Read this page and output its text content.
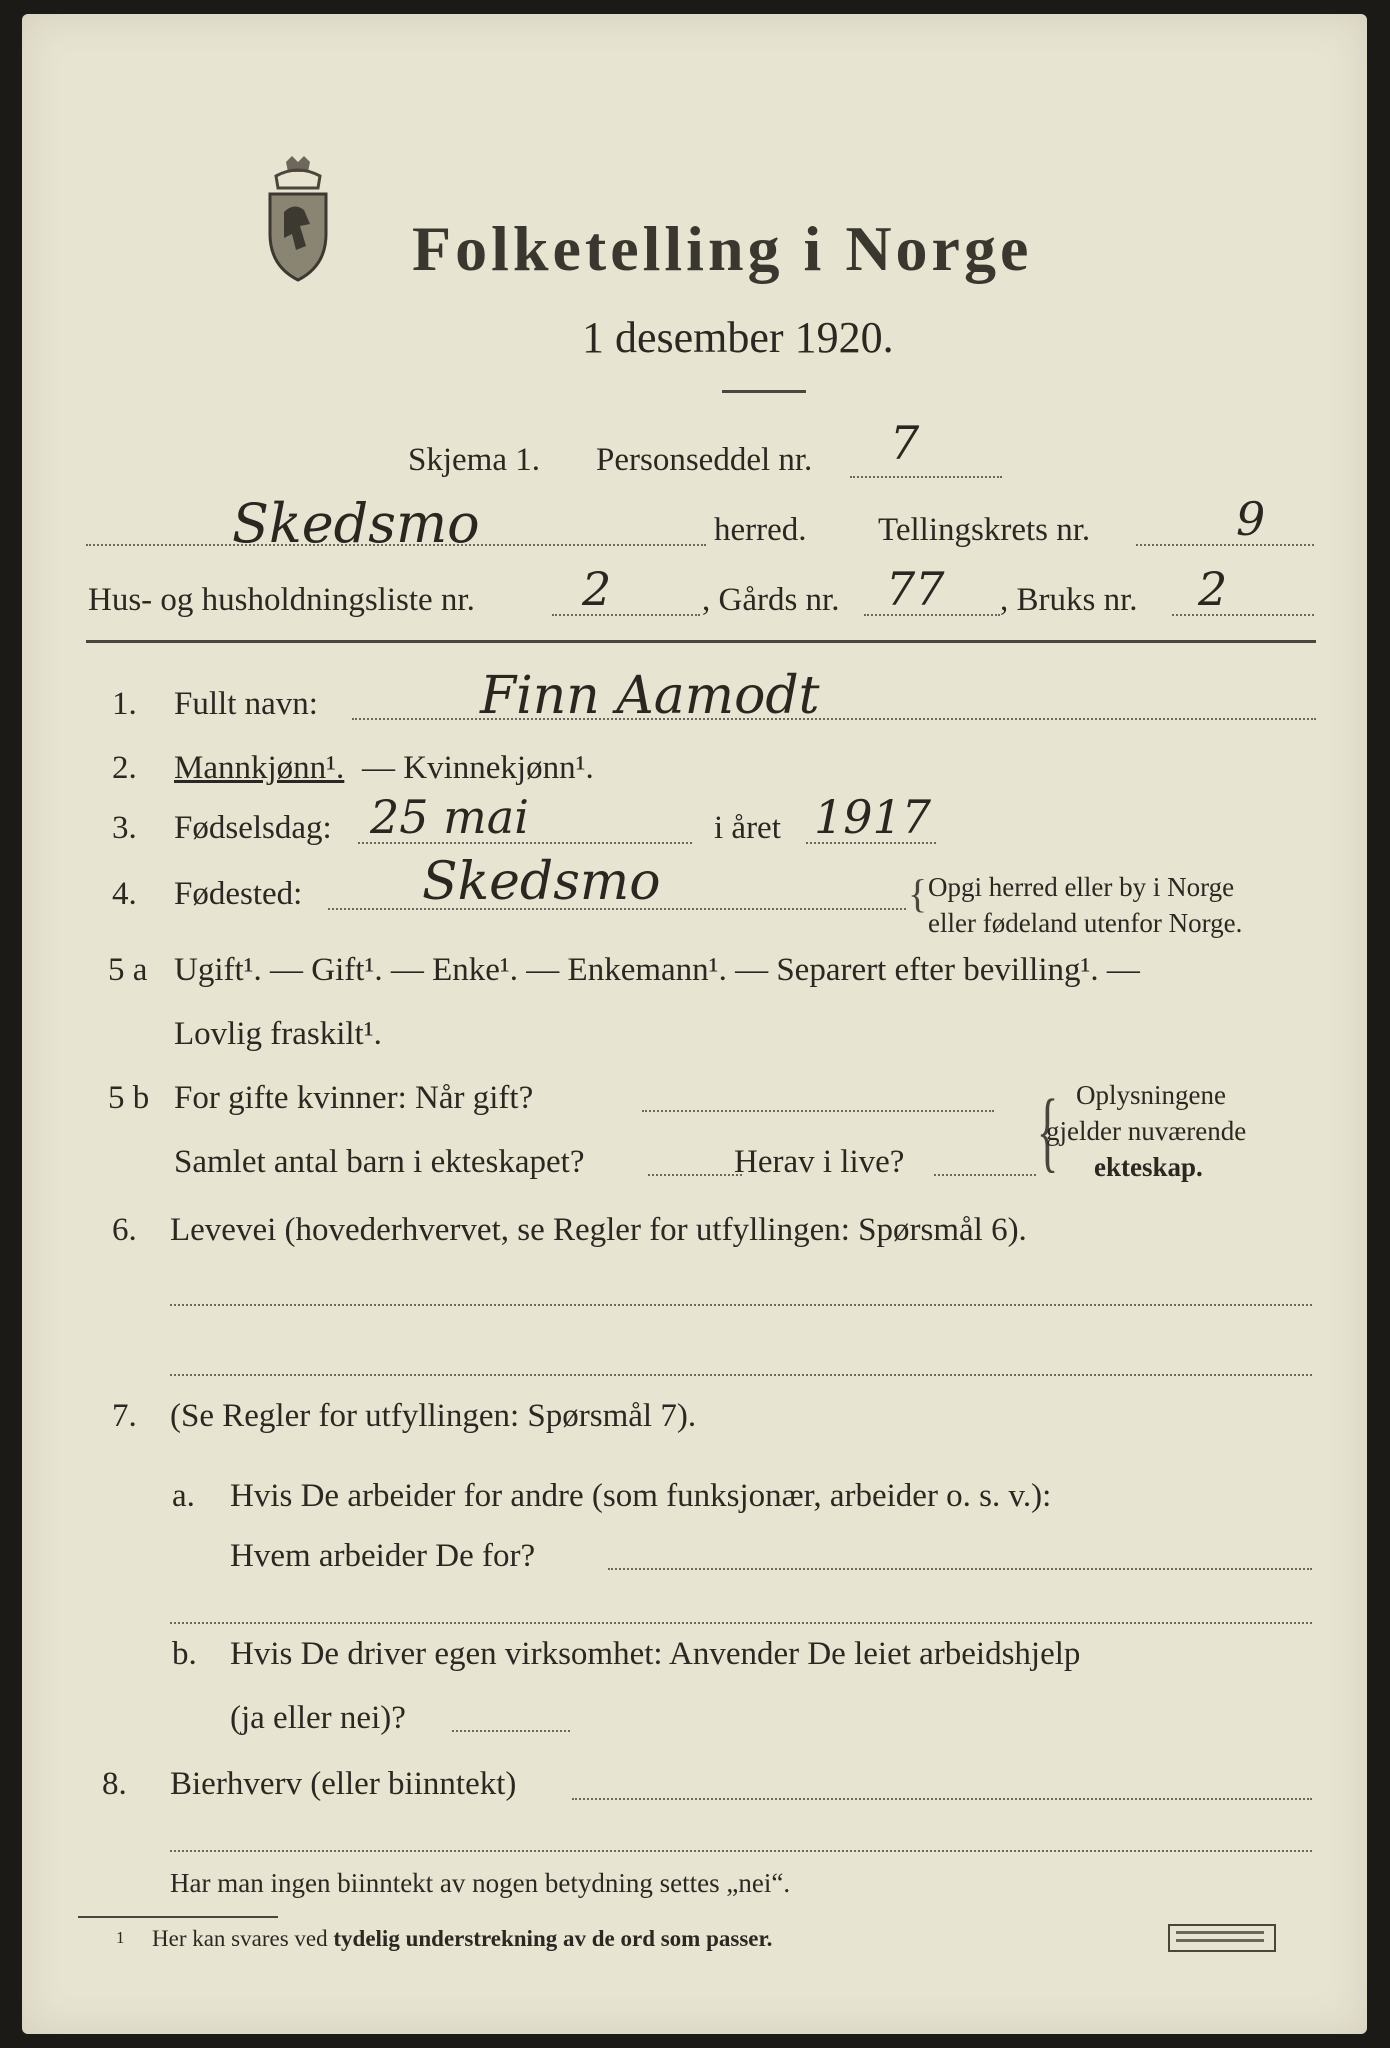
Folketelling i Norge
1 desember 1920.
Skjema 1. Personseddel nr. 7
Skedsmo	herred. Tellingskrets nr.	9
Hus- og husholdningsliste nr. 2	, Gårds nr. 77 , Bruks nr. 2
1. Fullt navn:	Finn Aamodt
2. Mannkjønn¹. — Kvinnekjønn¹.
3. Fødselsdag: 25 mai	i året 1917
4. Fødested: Skedsmo	{ Opgi herred eller by i Norge
eller fødeland utenfor Norge.
5 a Ugift¹. — Gift¹. — Enke¹. — Enkemann¹. — Separert efter bevilling¹. —
Lovlig fraskilt¹.
5 b For gifte kvinner: Når gift?
Samlet antal barn i ekteskapet?	Herav i live? { Oplysningene
gjelder nuværende
ekteskap.
6. Levevei (hovederhvervet, se Regler for utfyllingen: Spørsmål 6).
7. (Se Regler for utfyllingen: Spørsmål 7).
a. Hvis De arbeider for andre (som funksjonær, arbeider o. s. v.):
Hvem arbeider De for?
b. Hvis De driver egen virksomhet: Anvender De leiet arbeidshjelp
(ja eller nei)?
8. Bierhverv (eller biinntekt)
Har man ingen biinntekt av nogen betydning settes „nei“.
1 Her kan svares ved tydelig understrekning av de ord som passer.
